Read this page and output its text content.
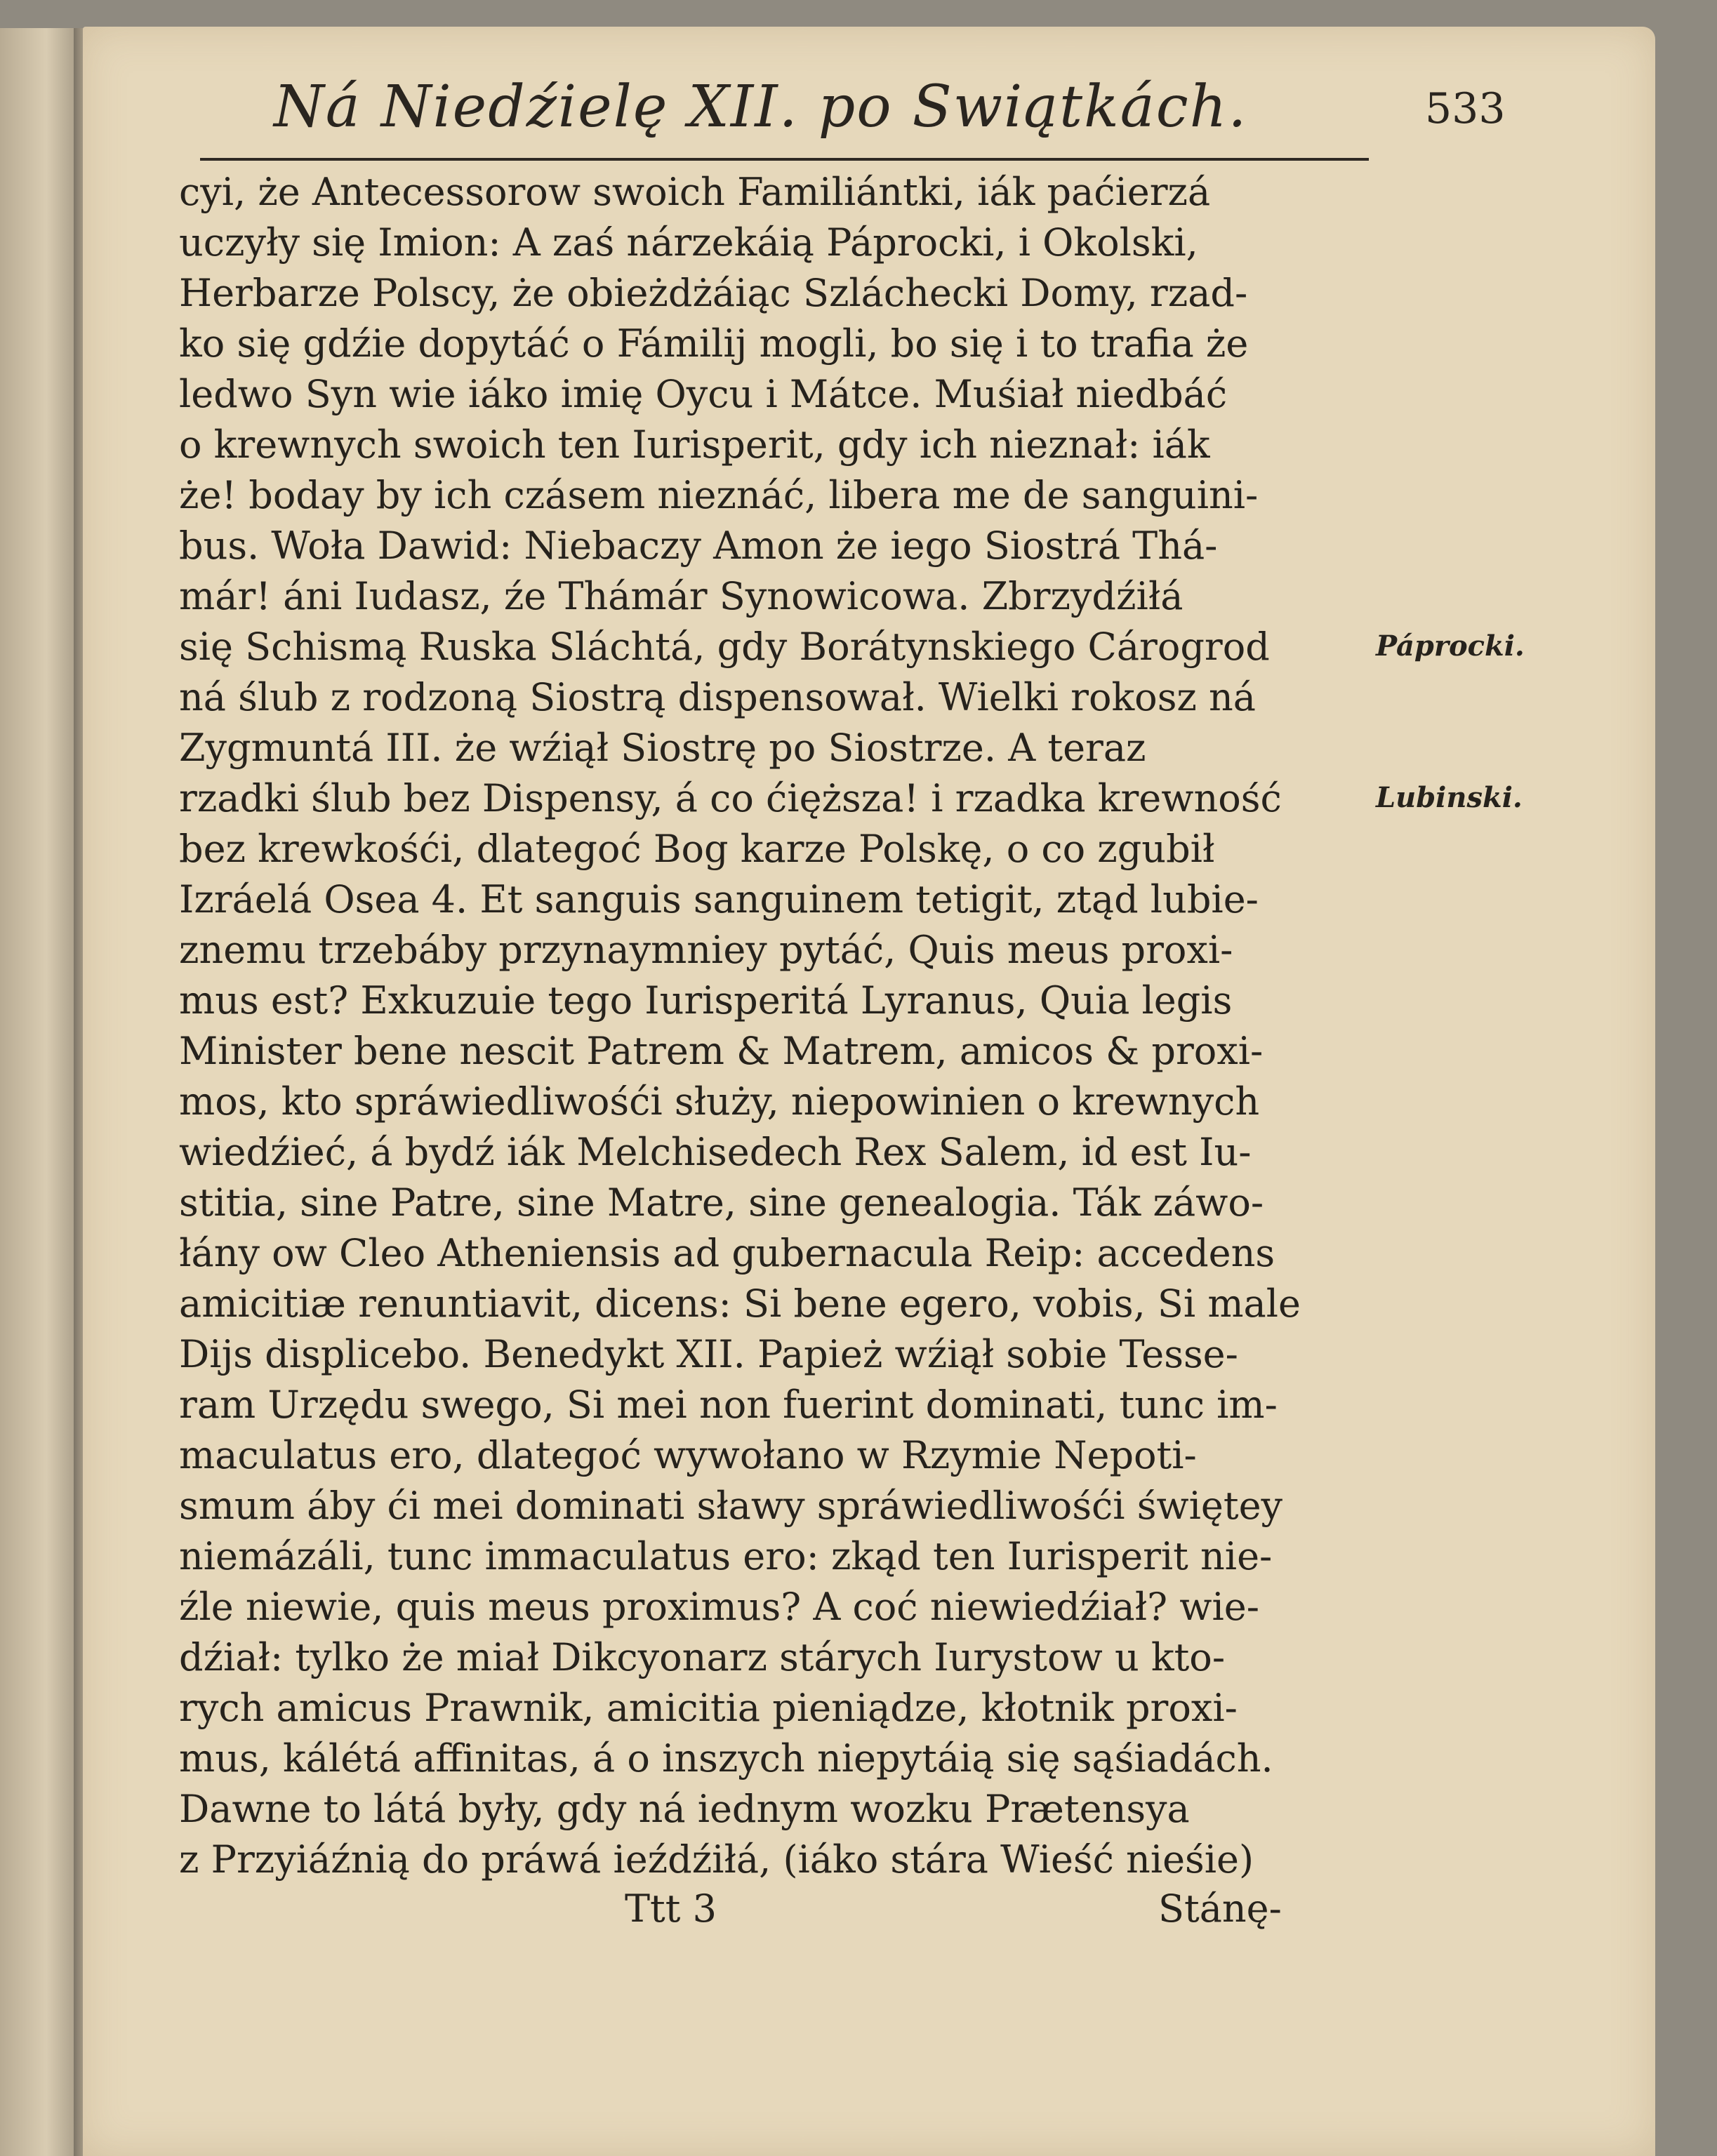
Ná Niedźielę XII. po Swiątkách.	533
cyi, że Antecessorow swoich Familiántki, iák paćierzá
uczyły się Imion: A zaś nárzekáią Páprocki, i Okolski,
Herbarze Polscy, że obieżdżáiąc Szláchecki Domy, rzad-
ko się gdźie dopytáć o Fámilij mogli, bo się i to trafia że
ledwo Syn wie iáko imię Oycu i Mátce. Muśiał niedbáć
o krewnych swoich ten Iurisperit, gdy ich nieznał: iák
że! boday by ich czásem nieznáć, libera me de sanguini-
bus. Woła Dawid: Niebaczy Amon że iego Siostrá Thá-
már! áni Iudasz, źe Thámár Synowicowa. Zbrzydźiłá
się Schismą Ruska Sláchtá, gdy Borátynskiego Cárogrod
ná ślub z rodzoną Siostrą dispensował. Wielki rokosz ná
Zygmuntá III. że wźiął Siostrę po Siostrze. A teraz
rzadki ślub bez Dispensy, á co ćięższa! i rzadka krewność
bez krewkośći, dlategoć Bog karze Polskę, o co zgubił
Izráelá Osea 4. Et sanguis sanguinem tetigit, ztąd lubie-
znemu trzebáby przynaymniey pytáć, Quis meus proxi-
mus est? Exkuzuie tego Iurisperitá Lyranus, Quia legis
Minister bene nescit Patrem & Matrem, amicos & proxi-
mos, kto spráwiedliwośći służy, niepowinien o krewnych
wiedźieć, á bydź iák Melchisedech Rex Salem, id est Iu-
stitia, sine Patre, sine Matre, sine genealogia. Ták záwo-
łány ow Cleo Atheniensis ad gubernacula Reip: accedens
amicitiæ renuntiavit, dicens: Si bene egero, vobis, Si male
Dijs displicebo. Benedykt XII. Papież wźiął sobie Tesse-
ram Urzędu swego, Si mei non fuerint dominati, tunc im-
maculatus ero, dlategoć wywołano w Rzymie Nepoti-
smum áby ći mei dominati sławy spráwiedliwośći świętey
niemázáli, tunc immaculatus ero: zkąd ten Iurisperit nie-
źle niewie, quis meus proximus? A coć niewiedźiał? wie-
dźiał: tylko że miał Dikcyonarz stárych Iurystow u kto-
rych amicus Prawnik, amicitia pieniądze, kłotnik proxi-
mus, kálétá affinitas, á o inszych niepytáią się sąśiadách.
Dawne to látá były, gdy ná iednym wozku Prætensya
z Przyiáźnią do práwá ieźdźiłá, (iáko stára Wieść nieśie)
Páprocki.
Lubinski.
Ttt 3	Stánę-
